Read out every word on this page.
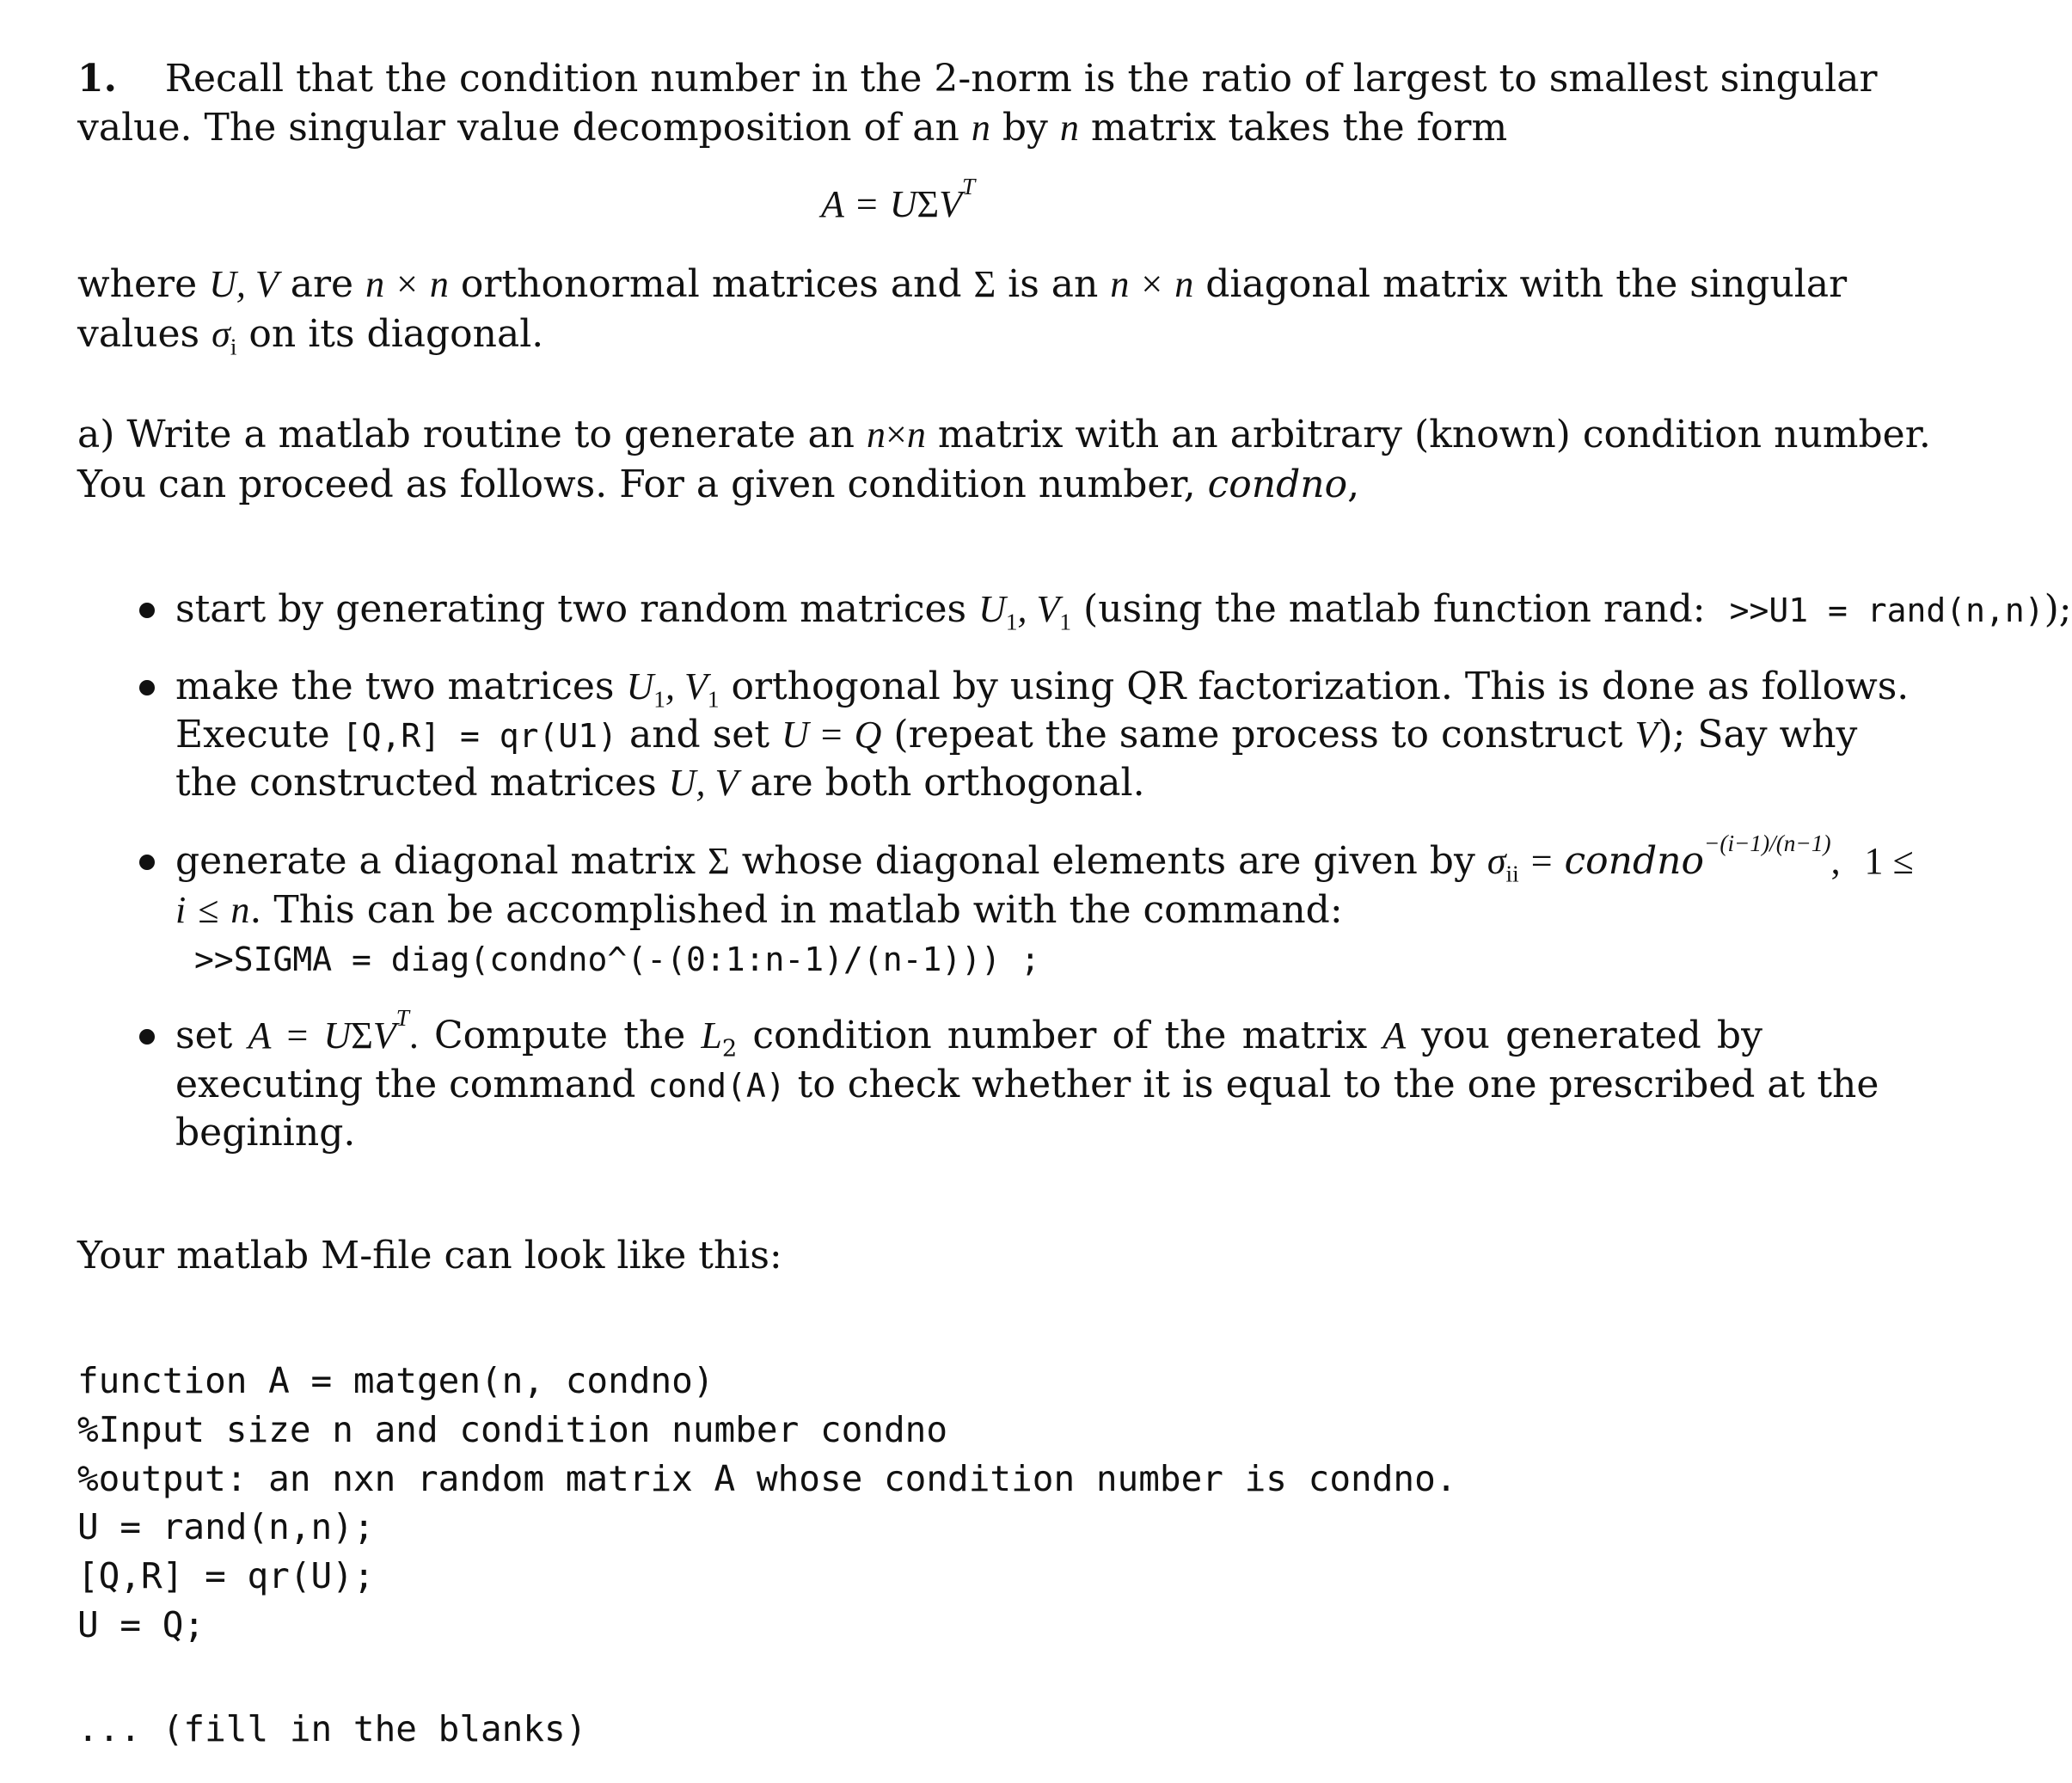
1. Recall that the condition number in the 2-norm is the ratio of largest to smallest singular
value. The singular value decomposition of an n by n matrix takes the form
$A = U\Sigma V^T$
where U, V are n × n orthonormal matrices and Σ is an n × n diagonal matrix with the singular
values $\sigma_i$ on its diagonal.
a) Write a matlab routine to generate an n×n matrix with an arbitrary (known) condition number.
You can proceed as follows. For a given condition number, condno,
start by generating two random matrices $U_1$, $V_1$ (using the matlab function rand: >>U1 = rand(n,n));
make the two matrices $U_1$, $V_1$ orthogonal by using QR factorization. This is done as follows.
Execute [Q,R] = qr(U1) and set U = Q (repeat the same process to construct V); Say why
the constructed matrices U, V are both orthogonal.
generate a diagonal matrix Σ whose diagonal elements are given by $\sigma_{ii}$ = condno$^{-(i-1)/(n-1)}$, 1 ≤
i ≤ n. This can be accomplished in matlab with the command:
>>SIGMA = diag(condno^(-(0:1:n-1)/(n-1))) ;
set $A = U\Sigma V^T$. Compute the $L_2$ condition number of the matrix A you generated by
executing the command cond(A) to check whether it is equal to the one prescribed at the
begining.
Your matlab M-file can look like this:
function A = matgen(n, condno)
%Input size n and condition number condno
%output: an nxn random matrix A whose condition number is condno.
U = rand(n,n);
[Q,R] = qr(U);
U = Q;
... (fill in the blanks)
